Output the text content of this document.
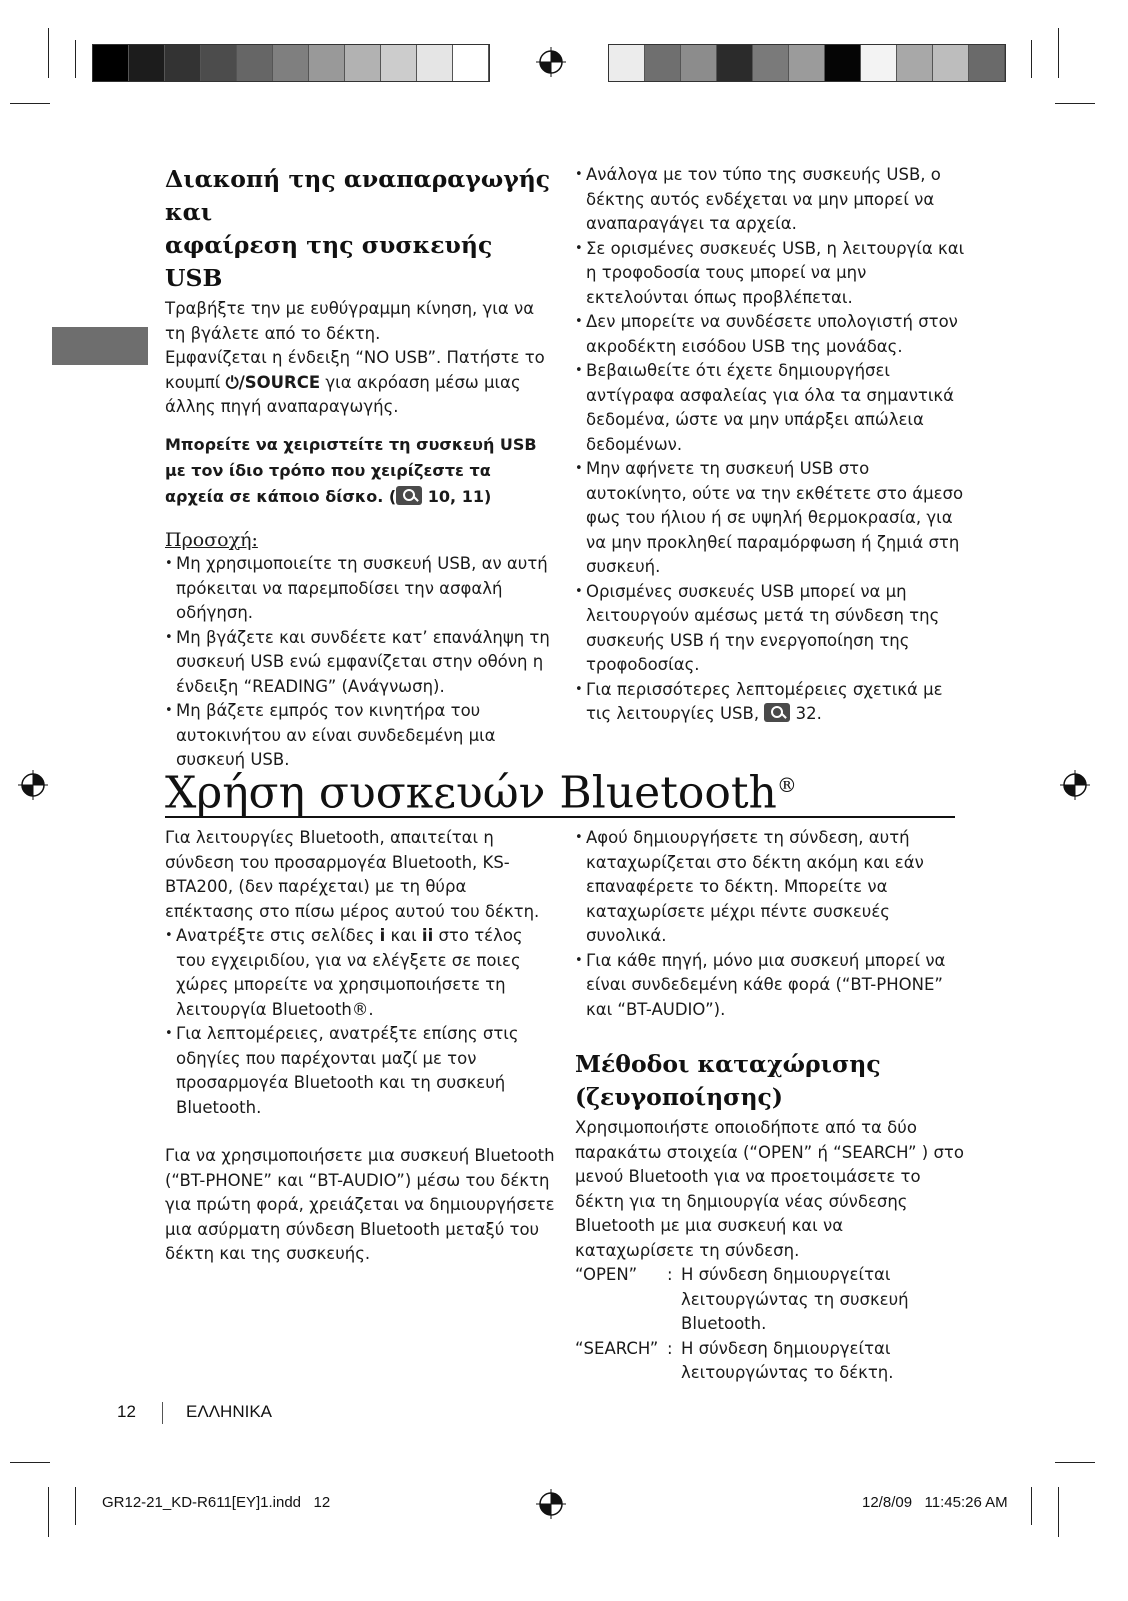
Διακοπή της αναπαραγωγής και
αφαίρεση της συσκευής USB

Τραβήξτε την με ευθύγραμμη κίνηση, για να τη βγάλετε από το δέκτη.

Εμφανίζεται η ένδειξη “NO USB”. Πατήστε το κουμπί ⏻/SOURCE για ακρόαση μέσω μιας άλλης πηγή αναπαραγωγής.

Μπορείτε να χειριστείτε τη συσκευή USB με τον ίδιο τρόπο που χειρίζεστε τα αρχεία σε κάποιο δίσκο. ( 10, 11)

Προσοχή:

• Μη χρησιμοποιείτε τη συσκευή USB, αν αυτή πρόκειται να παρεμποδίσει την ασφαλή οδήγηση.
• Μη βγάζετε και συνδέετε κατ’ επανάληψη τη συσκευή USB ενώ εμφανίζεται στην οθόνη η ένδειξη “READING” (Ανάγνωση).
• Μη βάζετε εμπρός τον κινητήρα του αυτοκινήτου αν είναι συνδεδεμένη μια συσκευή USB.
• Ανάλογα με τον τύπο της συσκευής USB, ο δέκτης αυτός ενδέχεται να μην μπορεί να αναπαραγάγει τα αρχεία.
• Σε ορισμένες συσκευές USB, η λειτουργία και η τροφοδοσία τους μπορεί να μην εκτελούνται όπως προβλέπεται.
• Δεν μπορείτε να συνδέσετε υπολογιστή στον ακροδέκτη εισόδου USB της μονάδας.
• Βεβαιωθείτε ότι έχετε δημιουργήσει αντίγραφα ασφαλείας για όλα τα σημαντικά δεδομένα, ώστε να μην υπάρξει απώλεια δεδομένων.
• Μην αφήνετε τη συσκευή USB στο αυτοκίνητο, ούτε να την εκθέτετε στο άμεσο φως του ήλιου ή σε υψηλή θερμοκρασία, για να μην προκληθεί παραμόρφωση ή ζημιά στη συσκευή.
• Ορισμένες συσκευές USB μπορεί να μη λειτουργούν αμέσως μετά τη σύνδεση της συσκευής USB ή την ενεργοποίηση της τροφοδοσίας.
• Για περισσότερες λεπτομέρειες σχετικά με τις λειτουργίες USB,  32.
Χρήση συσκευών Bluetooth®

Για λειτουργίες Bluetooth, απαιτείται η σύνδεση του προσαρμογέα Bluetooth, KS-BTA200, (δεν παρέχεται) με τη θύρα επέκτασης στο πίσω μέρος αυτού του δέκτη.

• Ανατρέξτε στις σελίδες i και ii στο τέλος του εγχειριδίου, για να ελέγξετε σε ποιες χώρες μπορείτε να χρησιμοποιήσετε τη λειτουργία Bluetooth®.
• Για λεπτομέρειες, ανατρέξτε επίσης στις οδηγίες που παρέχονται μαζί με τον προσαρμογέα Bluetooth και τη συσκευή Bluetooth.

Για να χρησιμοποιήσετε μια συσκευή Bluetooth (“BT-PHONE” και “BT-AUDIO”) μέσω του δέκτη για πρώτη φορά, χρειάζεται να δημιουργήσετε μια ασύρματη σύνδεση Bluetooth μεταξύ του δέκτη και της συσκευής.

• Αφού δημιουργήσετε τη σύνδεση, αυτή καταχωρίζεται στο δέκτη ακόμη και εάν επαναφέρετε το δέκτη. Μπορείτε να καταχωρίσετε μέχρι πέντε συσκευές συνολικά.
• Για κάθε πηγή, μόνο μια συσκευή μπορεί να είναι συνδεδεμένη κάθε φορά (“BT-PHONE” και “BT-AUDIO”).
Μέθοδοι καταχώρισης
(ζευγοποίησης)

Χρησιμοποιήστε οποιοδήποτε από τα δύο παρακάτω στοιχεία (“OPEN” ή “SEARCH” ) στο μενού Bluetooth για να προετοιμάσετε το δέκτη για τη δημιουργία νέας σύνδεσης Bluetooth με μια συσκευή και να καταχωρίσετε τη σύνδεση.

“OPEN”	: Η σύνδεση δημιουργείται λειτουργώντας τη συσκευή Bluetooth.
“SEARCH” : Η σύνδεση δημιουργείται λειτουργώντας το δέκτη.
12	ΕΛΛΗΝΙΚΑ
GR12-21_KD-R611[EY]1.indd   12	12/8/09   11:45:26 AM
